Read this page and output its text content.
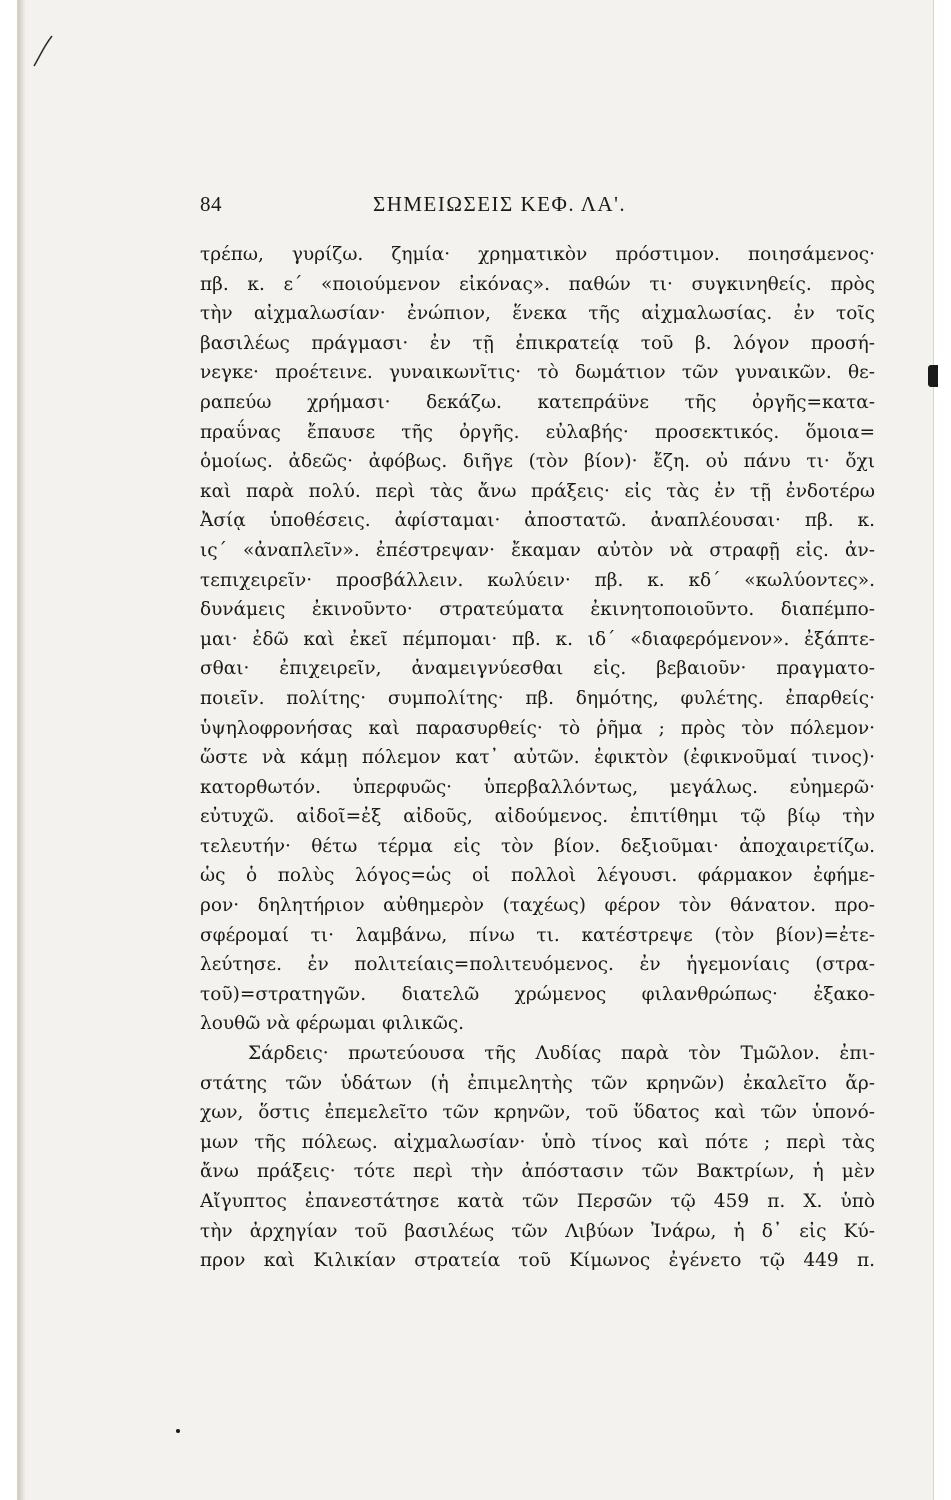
84	ΣΗΜΕΙΩΣΕΙΣ ΚΕΦ. ΛΑ'.
τρέπω, γυρίζω. ζημία· χρηματικὸν πρόστιμον. ποιησάμενος·
πβ. κ. ε΄ «ποιούμενον εἰκόνας». παθών τι· συγκινηθείς. πρὸς
τὴν αἰχμαλωσίαν· ἐνώπιον, ἕνεκα τῆς αἰχμαλωσίας. ἐν τοῖς
βασιλέως πράγμασι· ἐν τῇ ἐπικρατείᾳ τοῦ β. λόγον προσή-
νεγκε· προέτεινε. γυναικωνῖτις· τὸ δωμάτιον τῶν γυναικῶν. θε-
ραπεύω χρήμασι· δεκάζω. κατεπράϋνε τῆς ὀργῆς=κατα-
πραΰνας ἔπαυσε τῆς ὀργῆς. εὐλαβής· προσεκτικός. ὅμοια=
ὁμοίως. ἀδεῶς· ἀφόβως. διῆγε (τὸν βίον)· ἔζη. οὐ πάνυ τι· ὄχι
καὶ παρὰ πολύ. περὶ τὰς ἄνω πράξεις· εἰς τὰς ἐν τῇ ἐνδοτέρω
Ἀσίᾳ ὑποθέσεις. ἀφίσταμαι· ἀποστατῶ. ἀναπλέουσαι· πβ. κ.
ις΄ «ἀναπλεῖν». ἐπέστρεψαν· ἔκαμαν αὐτὸν νὰ στραφῇ εἰς. ἀν-
τεπιχειρεῖν· προσβάλλειν. κωλύειν· πβ. κ. κδ΄ «κωλύοντες».
δυνάμεις ἐκινοῦντο· στρατεύματα ἐκινητοποιοῦντο. διαπέμπο-
μαι· ἐδῶ καὶ ἐκεῖ πέμπομαι· πβ. κ. ιδ΄ «διαφερόμενον». ἐξάπτε-
σθαι· ἐπιχειρεῖν, ἀναμειγνύεσθαι εἰς. βεβαιοῦν· πραγματο-
ποιεῖν. πολίτης· συμπολίτης· πβ. δημότης, φυλέτης. ἐπαρθείς·
ὑψηλοφρονήσας καὶ παρασυρθείς· τὸ ῥῆμα ; πρὸς τὸν πόλεμον·
ὥστε νὰ κάμῃ πόλεμον κατ᾽ αὐτῶν. ἐφικτὸν (ἐφικνοῦμαί τινος)·
κατορθωτόν. ὑπερφυῶς· ὑπερβαλλόντως, μεγάλως. εὐημερῶ·
εὐτυχῶ. αἰδοῖ=ἐξ αἰδοῦς, αἰδούμενος. ἐπιτίθημι τῷ βίῳ τὴν
τελευτήν· θέτω τέρμα εἰς τὸν βίον. δεξιοῦμαι· ἀποχαιρετίζω.
ὡς ὁ πολὺς λόγος=ὡς οἱ πολλοὶ λέγουσι. φάρμακον ἐφήμε-
ρον· δηλητήριον αὐθημερὸν (ταχέως) φέρον τὸν θάνατον. προ-
σφέρομαί τι· λαμβάνω, πίνω τι. κατέστρεψε (τὸν βίον)=ἐτε-
λεύτησε. ἐν πολιτείαις=πολιτευόμενος. ἐν ἡγεμονίαις (στρα-
τοῦ)=στρατηγῶν. διατελῶ χρώμενος φιλανθρώπως· ἐξακο-
λουθῶ νὰ φέρωμαι φιλικῶς.
Σάρδεις· πρωτεύουσα τῆς Λυδίας παρὰ τὸν Τμῶλον. ἐπι-
στάτης τῶν ὑδάτων (ἡ ἐπιμελητὴς τῶν κρηνῶν) ἐκαλεῖτο ἄρ-
χων, ὅστις ἐπεμελεῖτο τῶν κρηνῶν, τοῦ ὕδατος καὶ τῶν ὑπονό-
μων τῆς πόλεως. αἰχμαλωσίαν· ὑπὸ τίνος καὶ πότε ; περὶ τὰς
ἄνω πράξεις· τότε περὶ τὴν ἀπόστασιν τῶν Βακτρίων, ἡ μὲν
Αἴγυπτος ἐπανεστάτησε κατὰ τῶν Περσῶν τῷ 459 π. Χ. ὑπὸ
τὴν ἀρχηγίαν τοῦ βασιλέως τῶν Λιβύων Ἰνάρω, ἡ δ᾽ εἰς Κύ-
προν καὶ Κιλικίαν στρατεία τοῦ Κίμωνος ἐγένετο τῷ 449 π.
